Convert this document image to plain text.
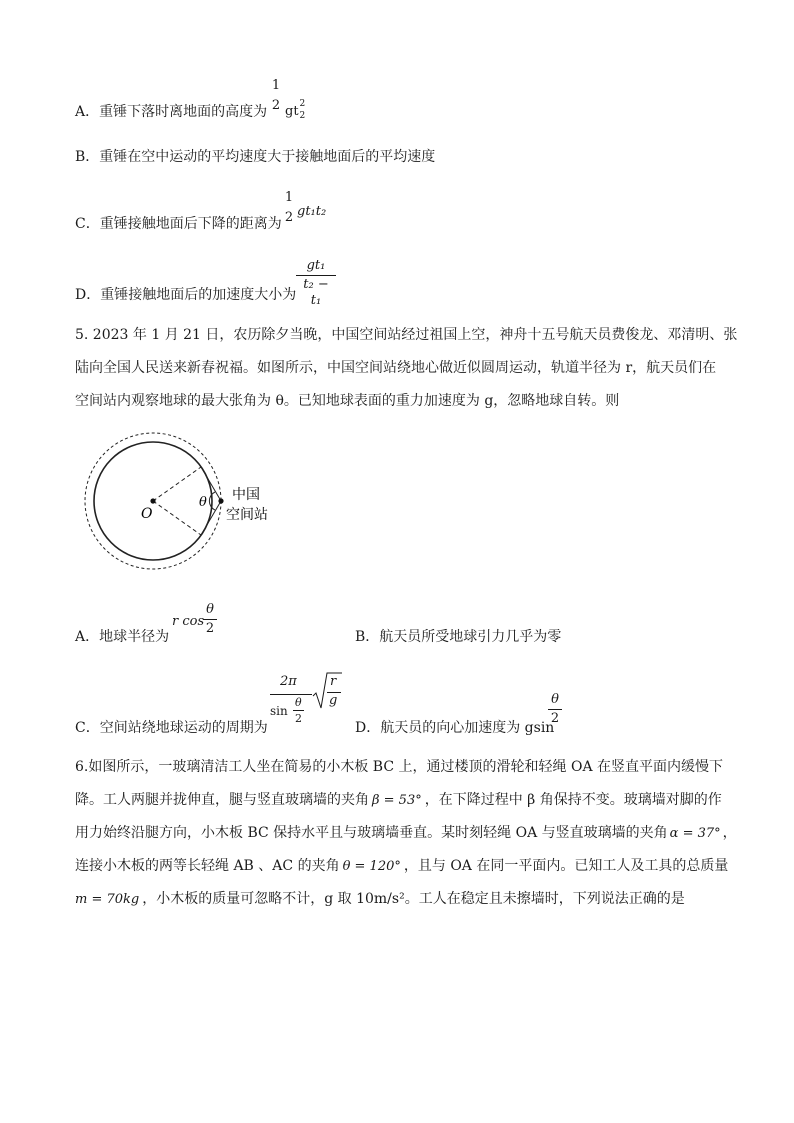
A．重锤下落时离地面的高度为
1
2 gt 2
2
B．重锤在空中运动的平均速度大于接触地面后的平均速度
C．重锤接触地面后下降的距离为
1
2 gt₁t₂
D．重锤接触地面后的加速度大小为
gt₁
t₂ − t₁
5. 2023 年 1 月 21 日，农历除夕当晚，中国空间站经过祖国上空，神舟十五号航天员费俊龙、邓清明、张
陆向全国人民送来新春祝福。如图所示，中国空间站绕地心做近似圆周运动，轨道半径为 r，航天员们在
空间站内观察地球的最大张角为 θ。已知地球表面的重力加速度为 g，忽略地球自转。则
O
θ 中国
空间站
A．地球半径为
r cos
θ
2
B．航天员所受地球引力几乎为零
C．空间站绕地球运动的周期为
2π
sin
θ
2
r
g
D．航天员的向心加速度为 gsin
θ
2
6.如图所示，一玻璃清洁工人坐在简易的小木板 BC 上，通过楼顶的滑轮和轻绳 OA 在竖直平面内缓慢下
降。工人两腿并拢伸直，腿与竖直玻璃墙的夹角 β = 53° ，在下降过程中 β 角保持不变。玻璃墙对脚的作
用力始终沿腿方向，小木板 BC 保持水平且与玻璃墙垂直。某时刻轻绳 OA 与竖直玻璃墙的夹角 α = 37° ，
连接小木板的两等长轻绳 AB 、AC 的夹角 θ = 120° ，且与 OA 在同一平面内。已知工人及工具的总质量
m = 70kg ，小木板的质量可忽略不计，g 取 10m/s²。工人在稳定且未擦墙时，下列说法正确的是
